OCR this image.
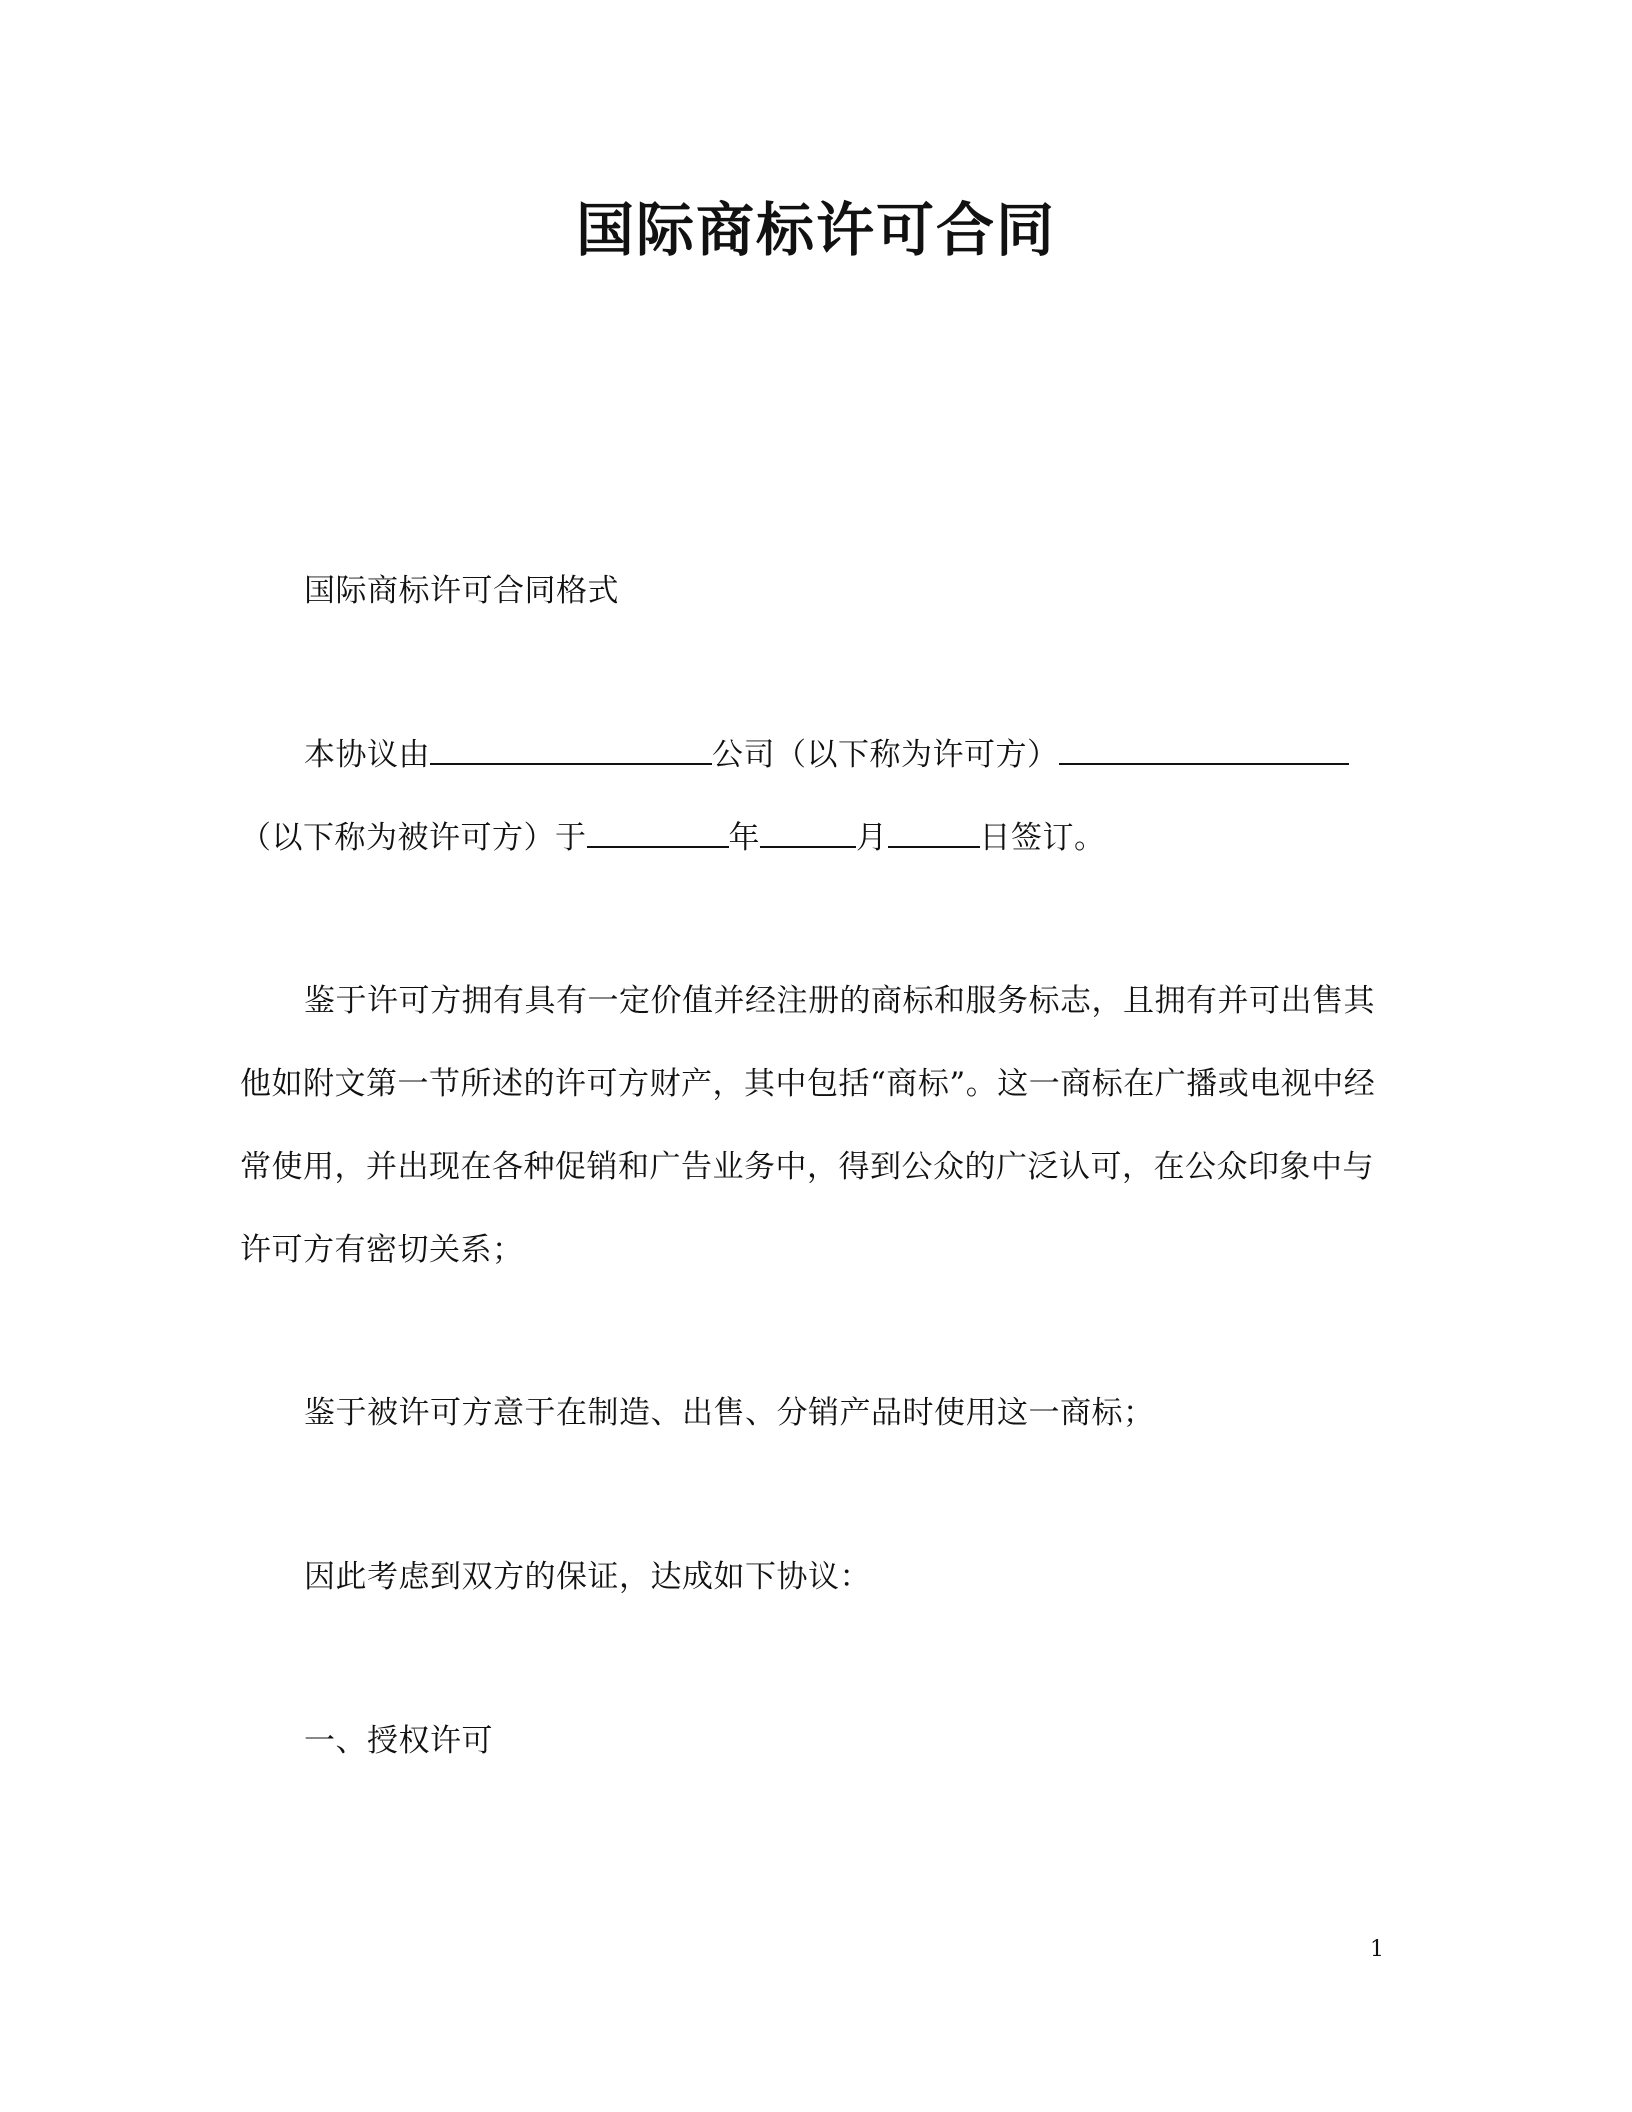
国际商标许可合同

国际商标许可合同格式

本协议由	公司（以下称为许可方）（以下称为被许可方）于	年	月	日签订。

鉴于许可方拥有具有一定价值并经注册的商标和服务标志，且拥有并可出售其他如附文第一节所述的许可方财产，其中包括“商标”。这一商标在广播或电视中经常使用，并出现在各种促销和广告业务中，得到公众的广泛认可，在公众印象中与许可方有密切关系；

鉴于被许可方意于在制造、出售、分销产品时使用这一商标；

因此考虑到双方的保证，达成如下协议：

一、授权许可

1
